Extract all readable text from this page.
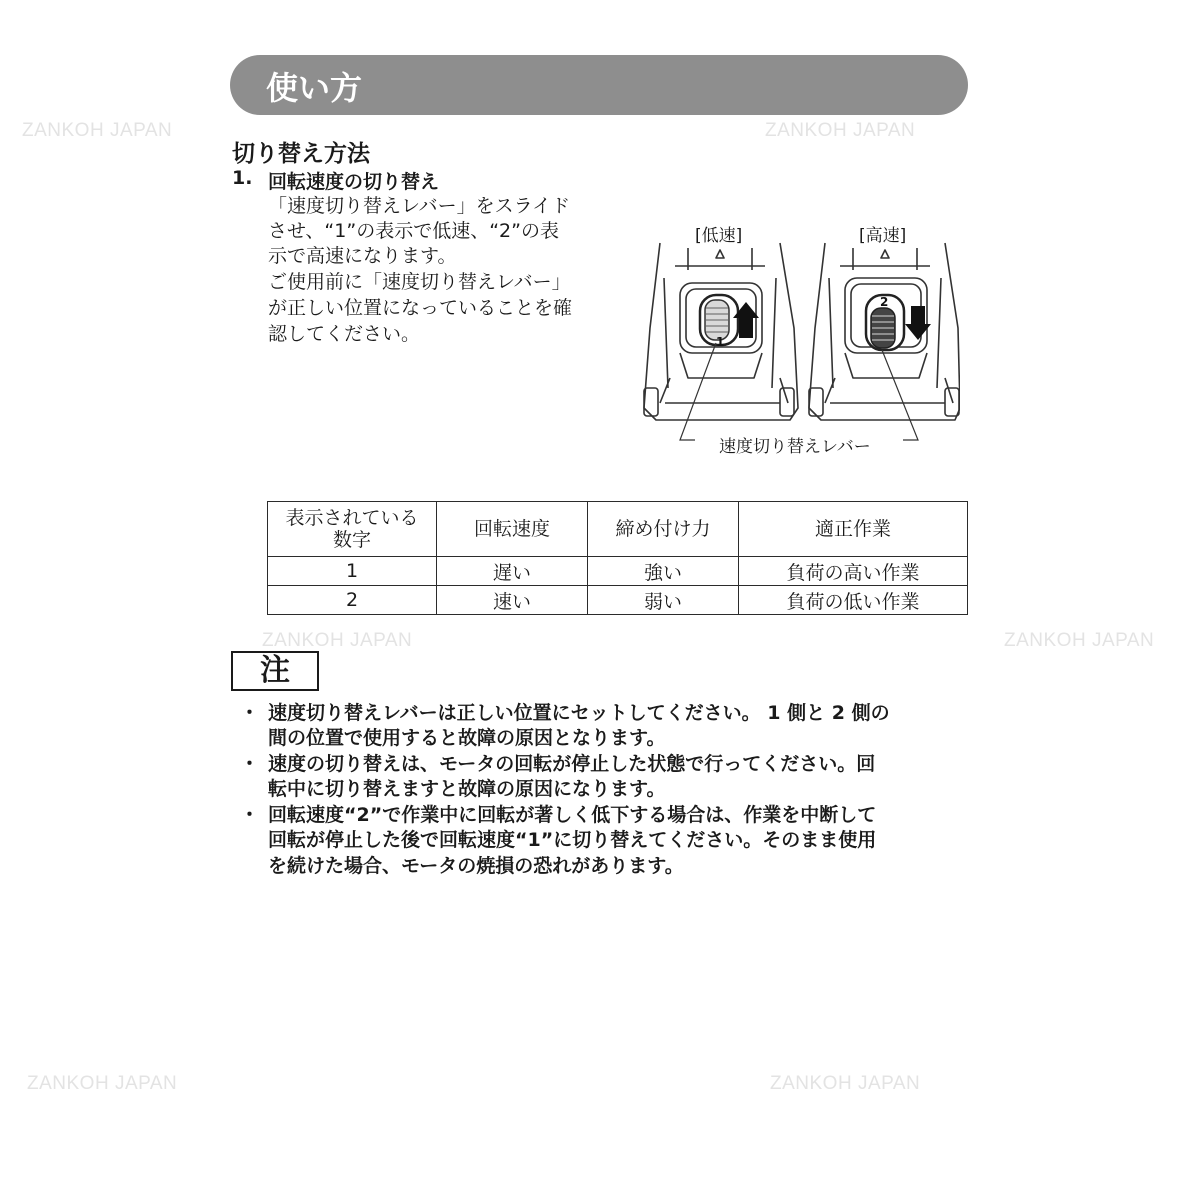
ZANKOH JAPAN	ZANKOH JAPAN
ZANKOH JAPAN	ZANKOH JAPAN
ZANKOH JAPAN	ZANKOH JAPAN
使い方
切り替え方法
1. 回転速度の切り替え
「速度切り替えレバー」をスライド
させ、“1”の表示で低速、“2”の表
示で高速になります。
ご使用前に「速度切り替えレバー」
が正しい位置になっていることを確
認してください。
[低速]	[高速]
1
2
速度切り替えレバー
表示されている
数字	回転速度	締め付け力	適正作業
1	遅い	強い	負荷の高い作業
2	速い	弱い	負荷の低い作業
注
・ 速度切り替えレバーは正しい位置にセットしてください。 1 側と 2 側の
間の位置で使用すると故障の原因となります。
・ 速度の切り替えは、モータの回転が停止した状態で行ってください。回
転中に切り替えますと故障の原因になります。
・ 回転速度“2”で作業中に回転が著しく低下する場合は、作業を中断して
回転が停止した後で回転速度“1”に切り替えてください。そのまま使用
を続けた場合、モータの焼損の恐れがあります。
